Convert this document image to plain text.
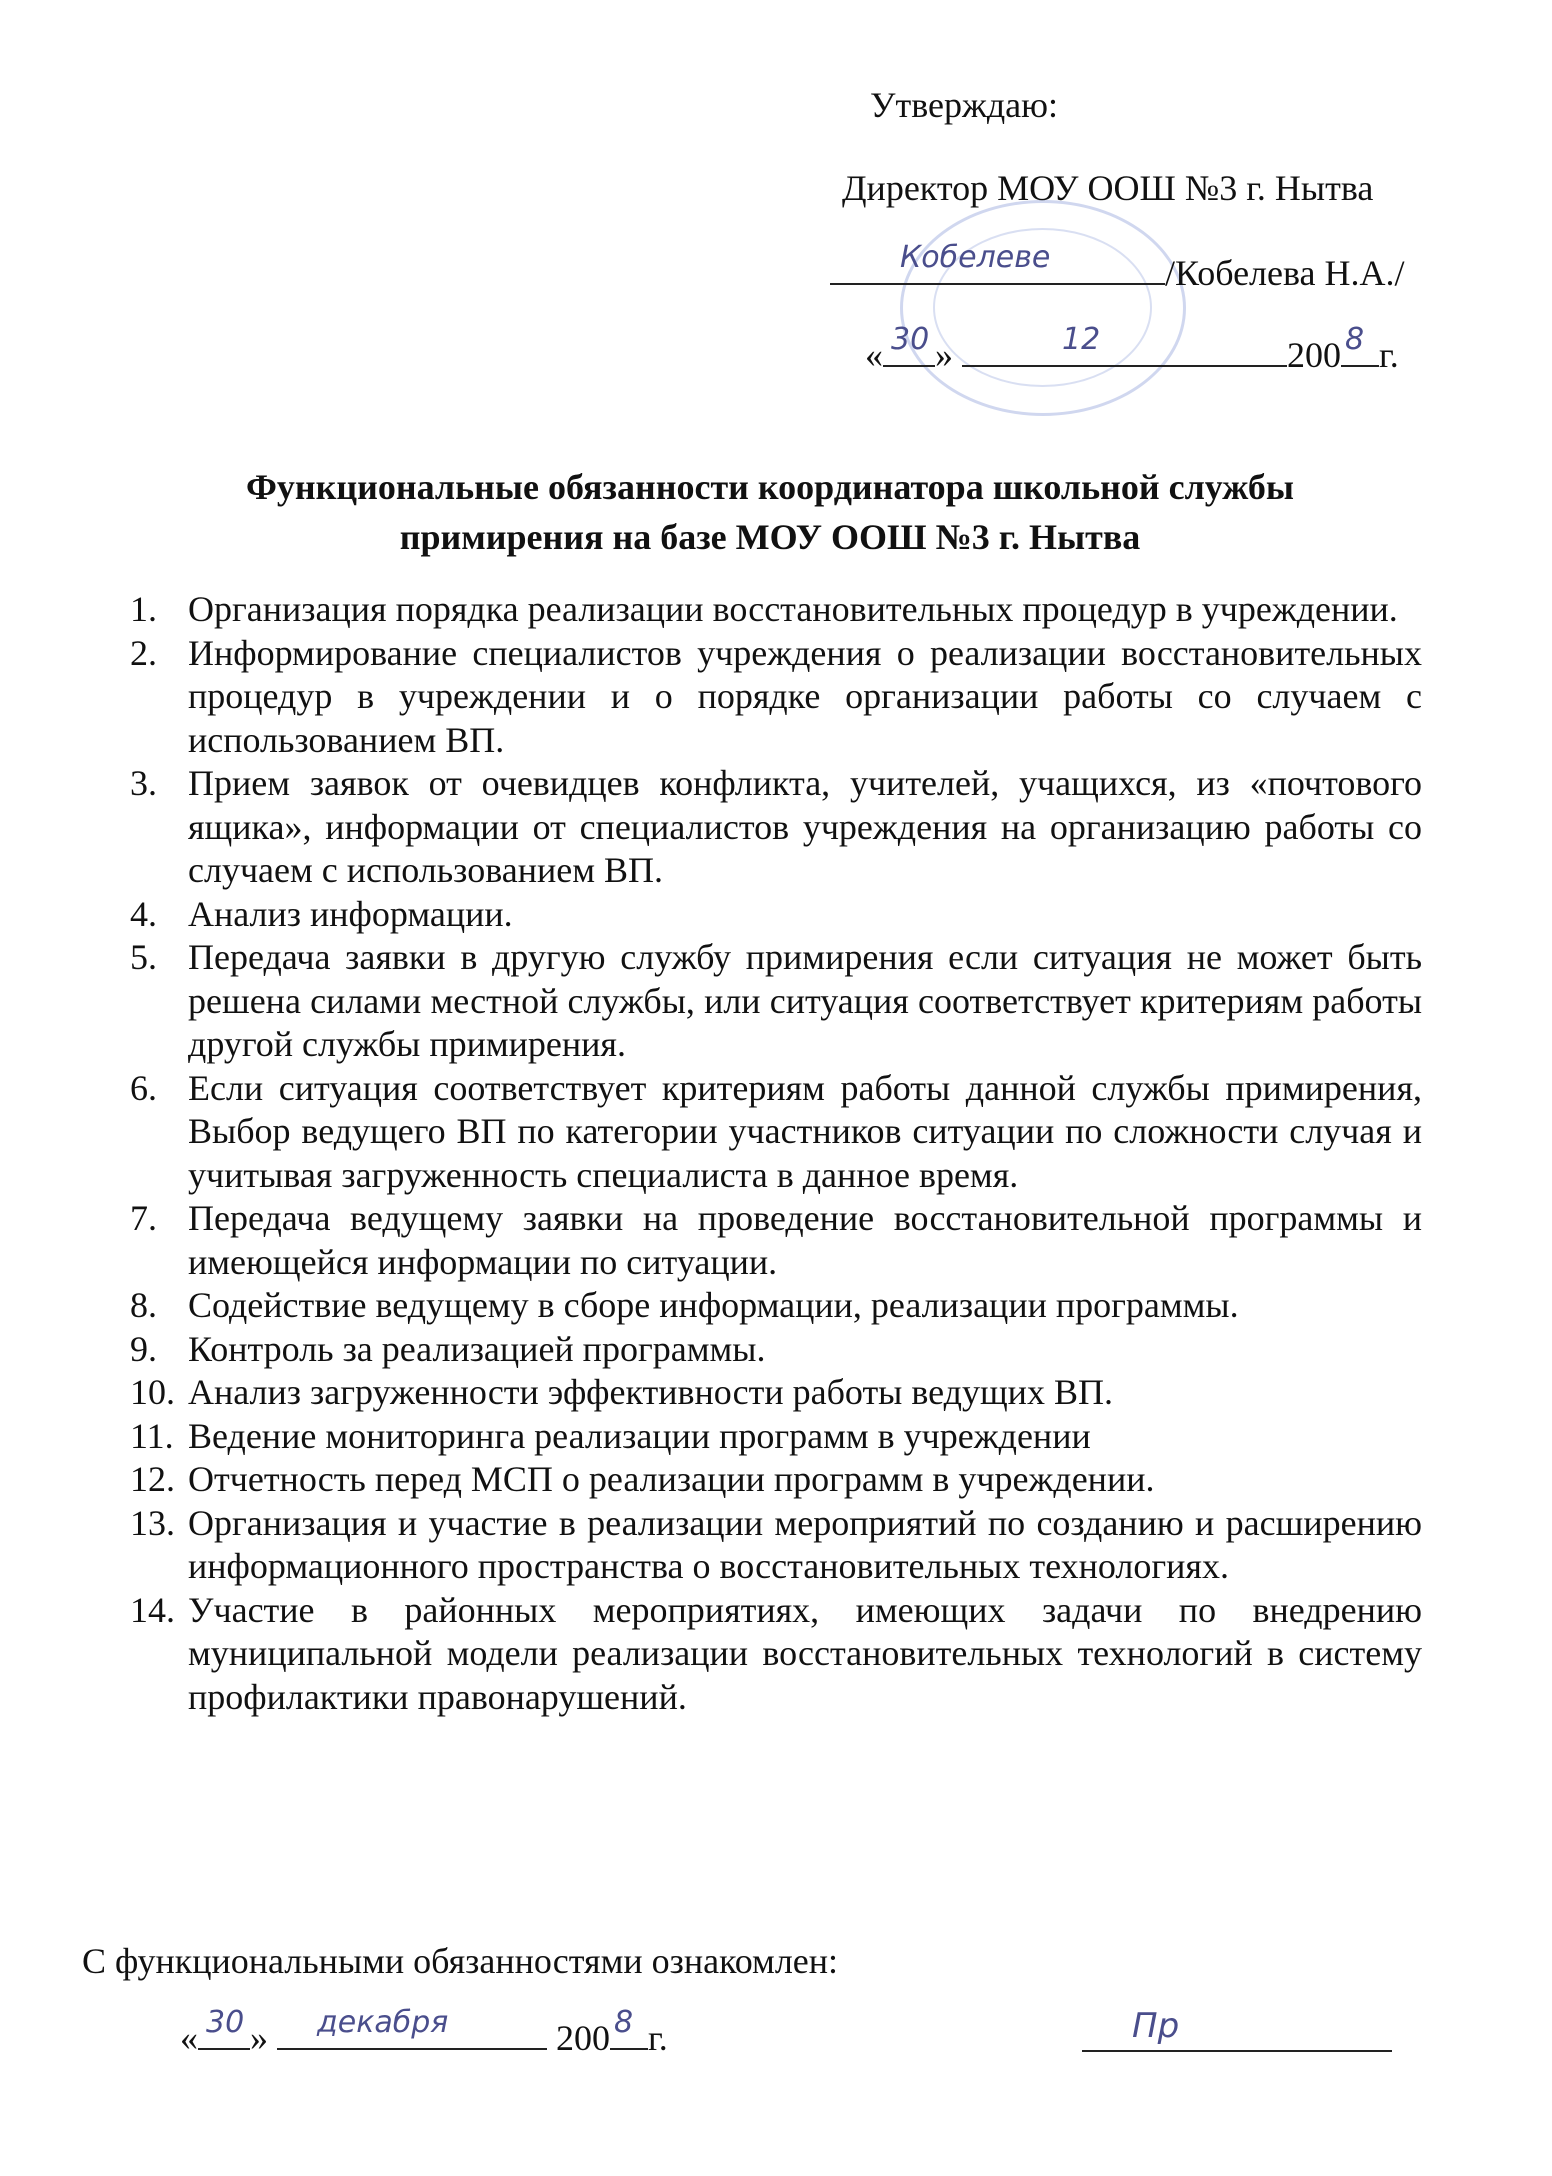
Утверждаю:
Директор МОУ ООШ №3 г. Нытва
Кобелеве	/Кобелева Н.А./
« 30 »	12	200 8 г.
Функциональные обязанности координатора школьной службы
примирения на базе МОУ ООШ №3 г. Нытва
1. Организация порядка реализации восстановительных процедур в учреждении.
2. Информирование специалистов учреждения о реализации восстановительных процедур в учреждении и о порядке организации работы со случаем с использованием ВП.
3. Прием заявок от очевидцев конфликта, учителей, учащихся, из «почтового ящика», информации от специалистов учреждения на организацию работы со случаем с использованием ВП.
4. Анализ информации.
5. Передача заявки в другую службу примирения если ситуация не может быть решена силами местной службы, или ситуация соответствует критериям работы другой службы примирения.
6. Если ситуация соответствует критериям работы данной службы примирения, Выбор ведущего ВП по категории участников ситуации по сложности случая и учитывая загруженность специалиста в данное время.
7. Передача ведущему заявки на проведение восстановительной программы и имеющейся информации по ситуации.
8. Содействие ведущему в сборе информации, реализации программы.
9. Контроль за реализацией программы.
10. Анализ загруженности эффективности работы ведущих ВП.
11. Ведение мониторинга реализации программ в учреждении
12. Отчетность перед МСП о реализации программ в учреждении.
13. Организация и участие в реализации мероприятий по созданию и расширению информационного пространства о восстановительных технологиях.
14. Участие в районных мероприятиях, имеющих задачи по внедрению муниципальной модели реализации восстановительных технологий в систему профилактики правонарушений.
С функциональными обязанностями ознакомлен:
« 30 » декабря	200 8 г.	Пр
